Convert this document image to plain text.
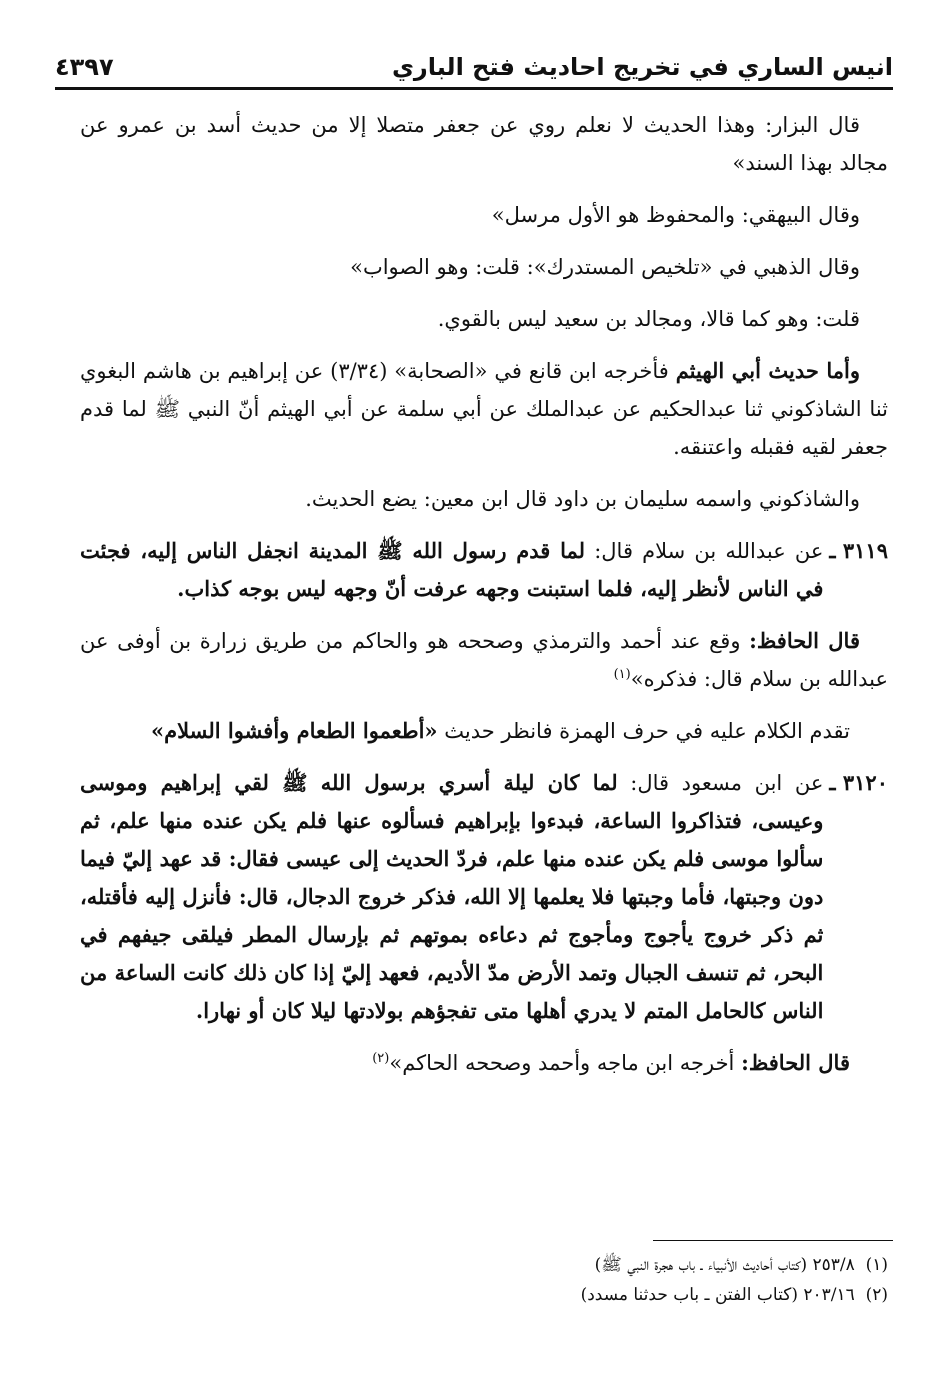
انيس الساري في تخريج احاديث فتح الباري
٤٣٩٧

قال البزار: وهذا الحديث لا نعلم روي عن جعفر متصلا إلا من حديث أسد بن عمرو عن مجالد بهذا السند»

وقال البيهقي: والمحفوظ هو الأول مرسل»

وقال الذهبي في «تلخيص المستدرك»: قلت: وهو الصواب»

قلت: وهو كما قالا، ومجالد بن سعيد ليس بالقوي.

وأما حديث أبي الهيثم فأخرجه ابن قانع في «الصحابة» (٣/٣٤) عن إبراهيم بن هاشم البغوي ثنا الشاذكوني ثنا عبدالحكيم عن عبدالملك عن أبي سلمة عن أبي الهيثم أنّ النبي ﷺ لما قدم جعفر لقيه فقبله واعتنقه.

والشاذكوني واسمه سليمان بن داود قال ابن معين: يضع الحديث.

٣١١٩ ـ
عن عبدالله بن سلام قال: لما قدم رسول الله ﷺ المدينة انجفل الناس إليه، فجئت في الناس لأنظر إليه، فلما استبنت وجهه عرفت أنّ وجهه ليس بوجه كذاب.

قال الحافظ: وقع عند أحمد والترمذي وصححه هو والحاكم من طريق زرارة بن أوفى عن عبدالله بن سلام قال: فذكره»$^{(١)}$

تقدم الكلام عليه في حرف الهمزة فانظر حديث «أطعموا الطعام وأفشوا السلام»

٣١٢٠ ـ
عن ابن مسعود قال: لما كان ليلة أسري برسول الله ﷺ لقي إبراهيم وموسى وعيسى، فتذاكروا الساعة، فبدءوا بإبراهيم فسألوه عنها فلم يكن عنده منها علم، ثم سألوا موسى فلم يكن عنده منها علم، فردّ الحديث إلى عيسى فقال: قد عهد إليّ فيما دون وجبتها، فأما وجبتها فلا يعلمها إلا الله، فذكر خروج الدجال، قال: فأنزل إليه فأقتله، ثم ذكر خروج يأجوج ومأجوج ثم دعاءه بموتهم ثم بإرسال المطر فيلقى جيفهم في البحر، ثم تنسف الجبال وتمد الأرض مدّ الأديم، فعهد إليّ إذا كان ذلك كانت الساعة من الناس كالحامل المتم لا يدري أهلها متى تفجؤهم بولادتها ليلا كان أو نهارا.

قال الحافظ: أخرجه ابن ماجه وأحمد وصححه الحاكم»$^{(٢)}$

(١)  ٢٥٣/٨ (كتاب أحاديث الأنبياء ـ باب هجرة النبي ﷺ)

(٢)  ٢٠٣/١٦ (كتاب الفتن ـ باب حدثنا مسدد)
